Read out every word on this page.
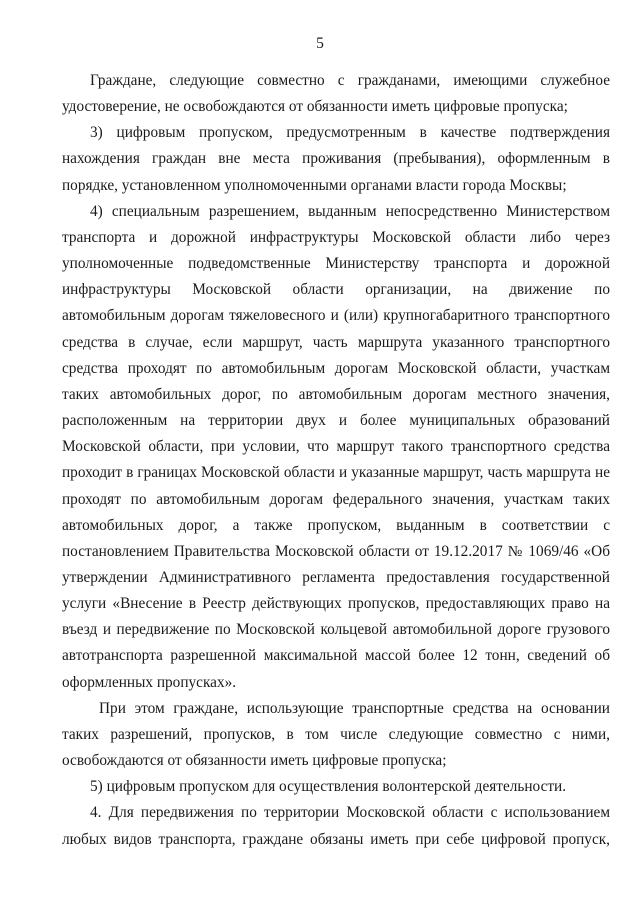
5

Граждане, следующие совместно с гражданами, имеющими служебное удостоверение, не освобождаются от обязанности иметь цифровые пропуска;

3) цифровым пропуском, предусмотренным в качестве подтверждения нахождения граждан вне места проживания (пребывания), оформленным в порядке, установленном уполномоченными органами власти города Москвы;

4) специальным разрешением, выданным непосредственно Министерством транспорта и дорожной инфраструктуры Московской области либо через уполномоченные подведомственные Министерству транспорта и дорожной инфраструктуры Московской области организации, на движение по автомобильным дорогам тяжеловесного и (или) крупногабаритного транспортного средства в случае, если маршрут, часть маршрута указанного транспортного средства проходят по автомобильным дорогам Московской области, участкам таких автомобильных дорог, по автомобильным дорогам местного значения, расположенным на территории двух и более муниципальных образований Московской области, при условии, что маршрут такого транспортного средства проходит в границах Московской области и указанные маршрут, часть маршрута не проходят по автомобильным дорогам федерального значения, участкам таких автомобильных дорог, а также пропуском, выданным в соответствии с постановлением Правительства Московской области от 19.12.2017 № 1069/46 «Об утверждении Административного регламента предоставления государственной услуги «Внесение в Реестр действующих пропусков, предоставляющих право на въезд и передвижение по Московской кольцевой автомобильной дороге грузового автотранспорта разрешенной максимальной массой более 12 тонн, сведений об оформленных пропусках».

При этом граждане, использующие транспортные средства на основании таких разрешений, пропусков, в том числе следующие совместно с ними, освобождаются от обязанности иметь цифровые пропуска;

5) цифровым пропуском для осуществления волонтерской деятельности.

4. Для передвижения по территории Московской области с использованием любых видов транспорта, граждане обязаны иметь при себе цифровой пропуск,
